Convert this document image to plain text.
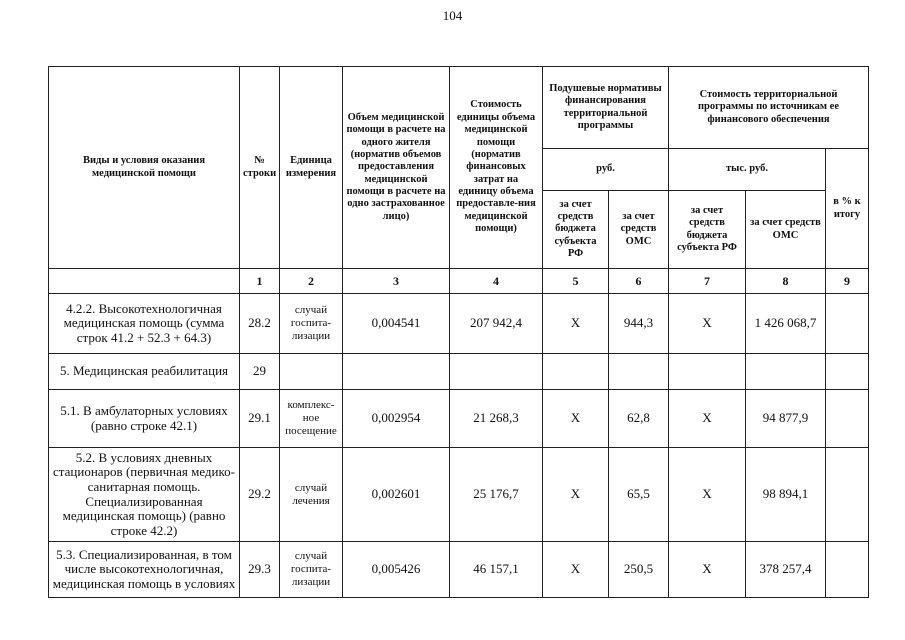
104
Виды и условия оказания медицинской помощи	№ строки	Единица измерения	Объем медицинской помощи в расчете на одного жителя (норматив объемов предоставления медицинской помощи в расчете на одно застрахованное лицо)	Стоимость единицы объема медицинской помощи (норматив финансовых затрат на единицу объема предоставле-ния медицинской помощи)	Подушевые нормативы финансирования территориальной программы		Стоимость территориальной программы по источникам ее финансового обеспечения		
					руб.		тыс. руб.		в % к итогу
					за счет средств бюджета субъекта РФ	за счет средств ОМС	за счет средств бюджета субъекта РФ	за счет средств ОМС	
	1	2	3	4	5	6	7	8	9
4.2.2. Высокотехнологичная медицинская помощь (сумма строк 41.2 + 52.3 + 64.3)	28.2	случай госпита-лизации	0,004541	207 942,4	Х	944,3	Х	1 426 068,7	
5. Медицинская реабилитация	29								
5.1. В амбулаторных условиях (равно строке 42.1)	29.1	комплекс-ное посещение	0,002954	21 268,3	Х	62,8	Х	94 877,9	
5.2. В условиях дневных стационаров (первичная медико-санитарная помощь. Специализированная медицинская помощь) (равно строке 42.2)	29.2	случай лечения	0,002601	25 176,7	Х	65,5	Х	98 894,1	
5.3. Специализированная, в том числе высокотехнологичная, медицинская помощь в условиях	29.3	случай госпита-лизации	0,005426	46 157,1	Х	250,5	Х	378 257,4	
